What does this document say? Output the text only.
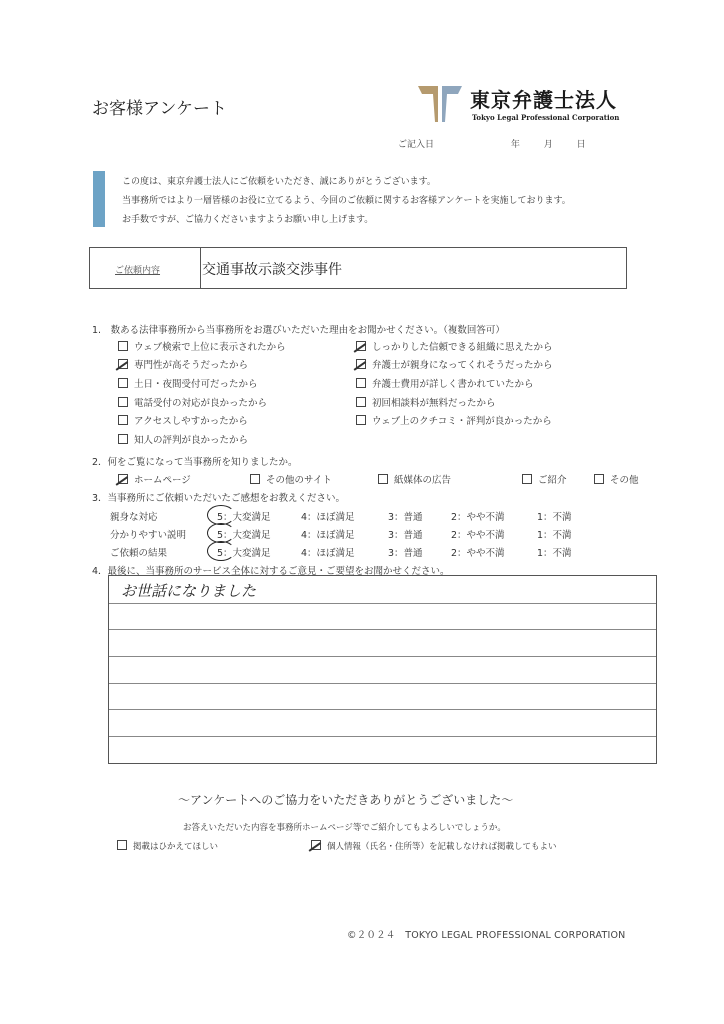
お客様アンケート	東京弁護士法人
Tokyo Legal Professional Corporation
ご記入日	年	月	日
この度は、東京弁護士法人にご依頼をいただき、誠にありがとうございます。
当事務所ではより一層皆様のお役に立てるよう、今回のご依頼に関するお客様アンケートを実施しております。
お手数ですが、ご協力くださいますようお願い申し上げます。
ご依頼内容	交通事故示談交渉事件
1.　数ある法律事務所から当事務所をお選びいただいた理由をお聞かせください。（複数回答可）
2．何をご覧になって当事務所を知りましたか。
3．当事務所にご依頼いただいたご感想をお教えください。
4．最後に、当事務所のサービス全体に対するご意見・ご要望をお聞かせください。
お世話になりました
～アンケートへのご協力をいただきありがとうございました～
お答えいただいた内容を事務所ホームページ等でご紹介してもよろしいでしょうか。
©２０２４　TOKYO LEGAL PROFESSIONAL CORPORATION
ウェブ検索で上位に表示されたから	しっかりした信頼できる組織に思えたから
専門性が高そうだったから	弁護士が親身になってくれそうだったから
土日・夜間受付可だったから	弁護士費用が詳しく書かれていたから
電話受付の対応が良かったから	初回相談料が無料だったから
アクセスしやすかったから	ウェブ上のクチコミ・評判が良かったから
知人の評判が良かったから
ホームページ	その他のサイト	紙媒体の広告	ご紹介	その他
親身な対応	5：大変満足	4：ほぼ満足	3：普通	2：やや不満	1：不満
分かりやすい説明	5：大変満足	4：ほぼ満足	3：普通	2：やや不満	1：不満
ご依頼の結果	5：大変満足	4：ほぼ満足	3：普通	2：やや不満	1：不満
掲載はひかえてほしい	個人情報（氏名・住所等）を記載しなければ掲載してもよい
